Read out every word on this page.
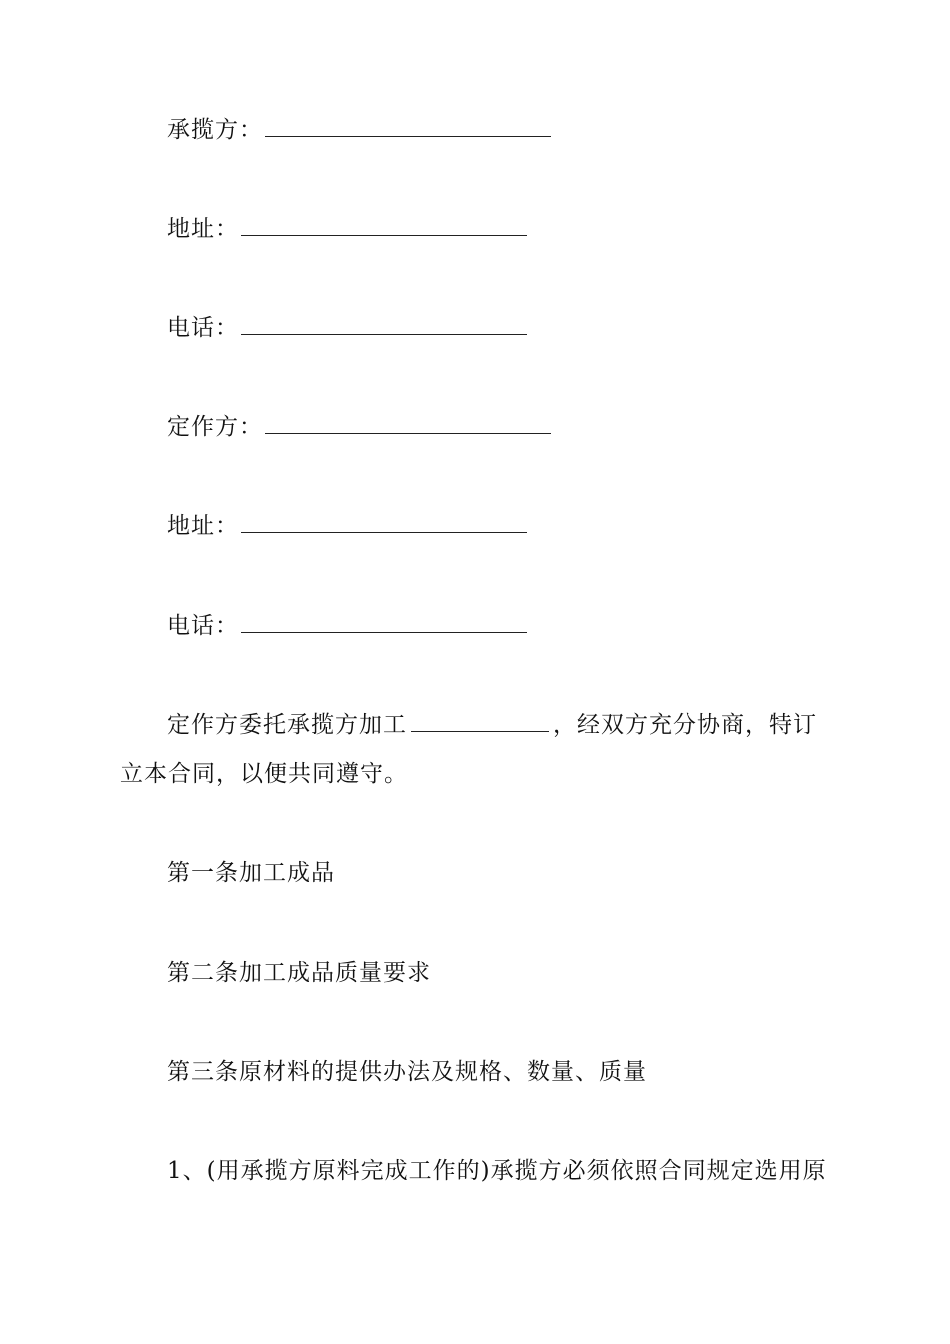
承揽方：
地址：
电话：
定作方：
地址：
电话：
定作方委托承揽方加工	，经双方充分协商，特订
立本合同，以便共同遵守。
第一条加工成品
第二条加工成品质量要求
第三条原材料的提供办法及规格、数量、质量
1、(用承揽方原料完成工作的)承揽方必须依照合同规定选用原
